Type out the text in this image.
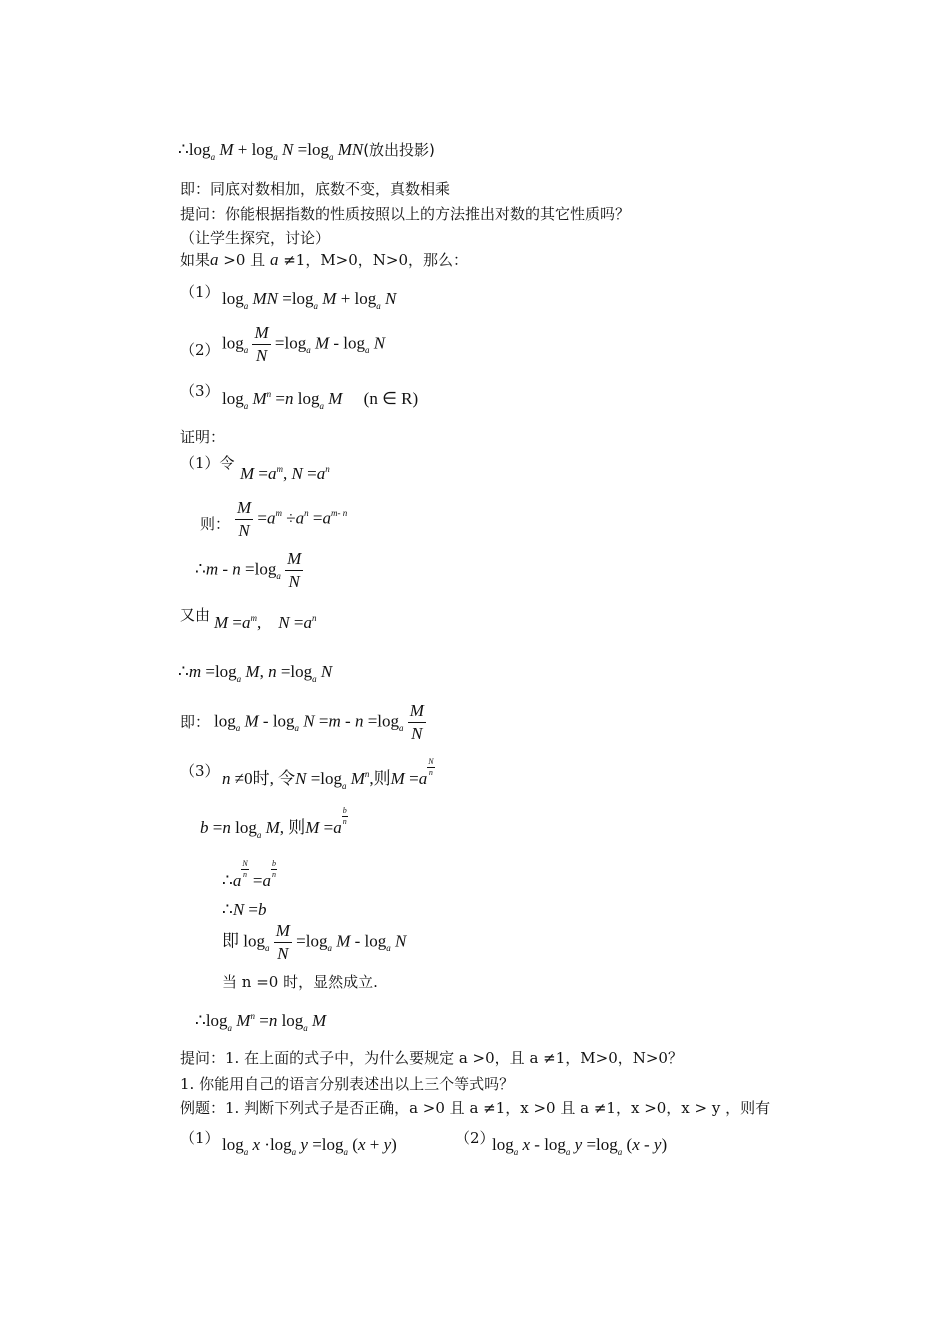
$\therefore\log_a$ $M + \log_a N =\log_a$ MN(放出投影)
即：同底对数相加，底数不变，真数相乘
提问：你能根据指数的性质按照以上的方法推出对数的其它性质吗？
（让学生探究，讨论）
如果a >0 且 a ≠1，M>0，N>0，那么：
（1） $\log_a$ MN $=\log_a$ $M + \log_a N$
（2） $\log_a \frac{M}{N} =\log_a$ M - $\log_a N$
（3） $\log_a M^n =n$ $\log_a M$ (n ∈ R)
证明：
（1）令
$M =a^m$, $N =a^n$
则： $\frac{M}{N} =a^m \div a^n =a^{m- n}$
∴m - $n =\log_a \frac{M}{N}$
又由 $M =a^m$,    $N =a^n$
∴m $=\log_a$ M, $n =\log_a$ N
即： $\log_a M - \log_a N =m - n =\log_a \frac{M}{N}$
（3） n ≠0时, 令$N =\log_a$ $M^n$,则M =a
$\frac{N}{n}$
b =n $\log_a M$, 则M =a
$\frac{b}{n}$
∴a
$\frac{N}{n}$
=a
$\frac{b}{n}$
∴N =b
即 $\log_a \frac{M}{N} =\log_a$ M - $\log_a N$
当 n =0 时，显然成立.
$\therefore\log_a$ $M^n =n$ $\log_a M$
提问：1. 在上面的式子中，为什么要规定 a >0，且 a ≠1，M>0，N>0？
1. 你能用自己的语言分别表述出以上三个等式吗？
例题：1. 判断下列式子是否正确，a >0 且 a ≠1，x >0 且 a ≠1，x >0，x > y ，则有
（1） $\log_a x \cdot\log_a$ $y =\log_a$ (x + y)	（2）
$\log_a x - \log_a y =\log_a$ (x - y)
